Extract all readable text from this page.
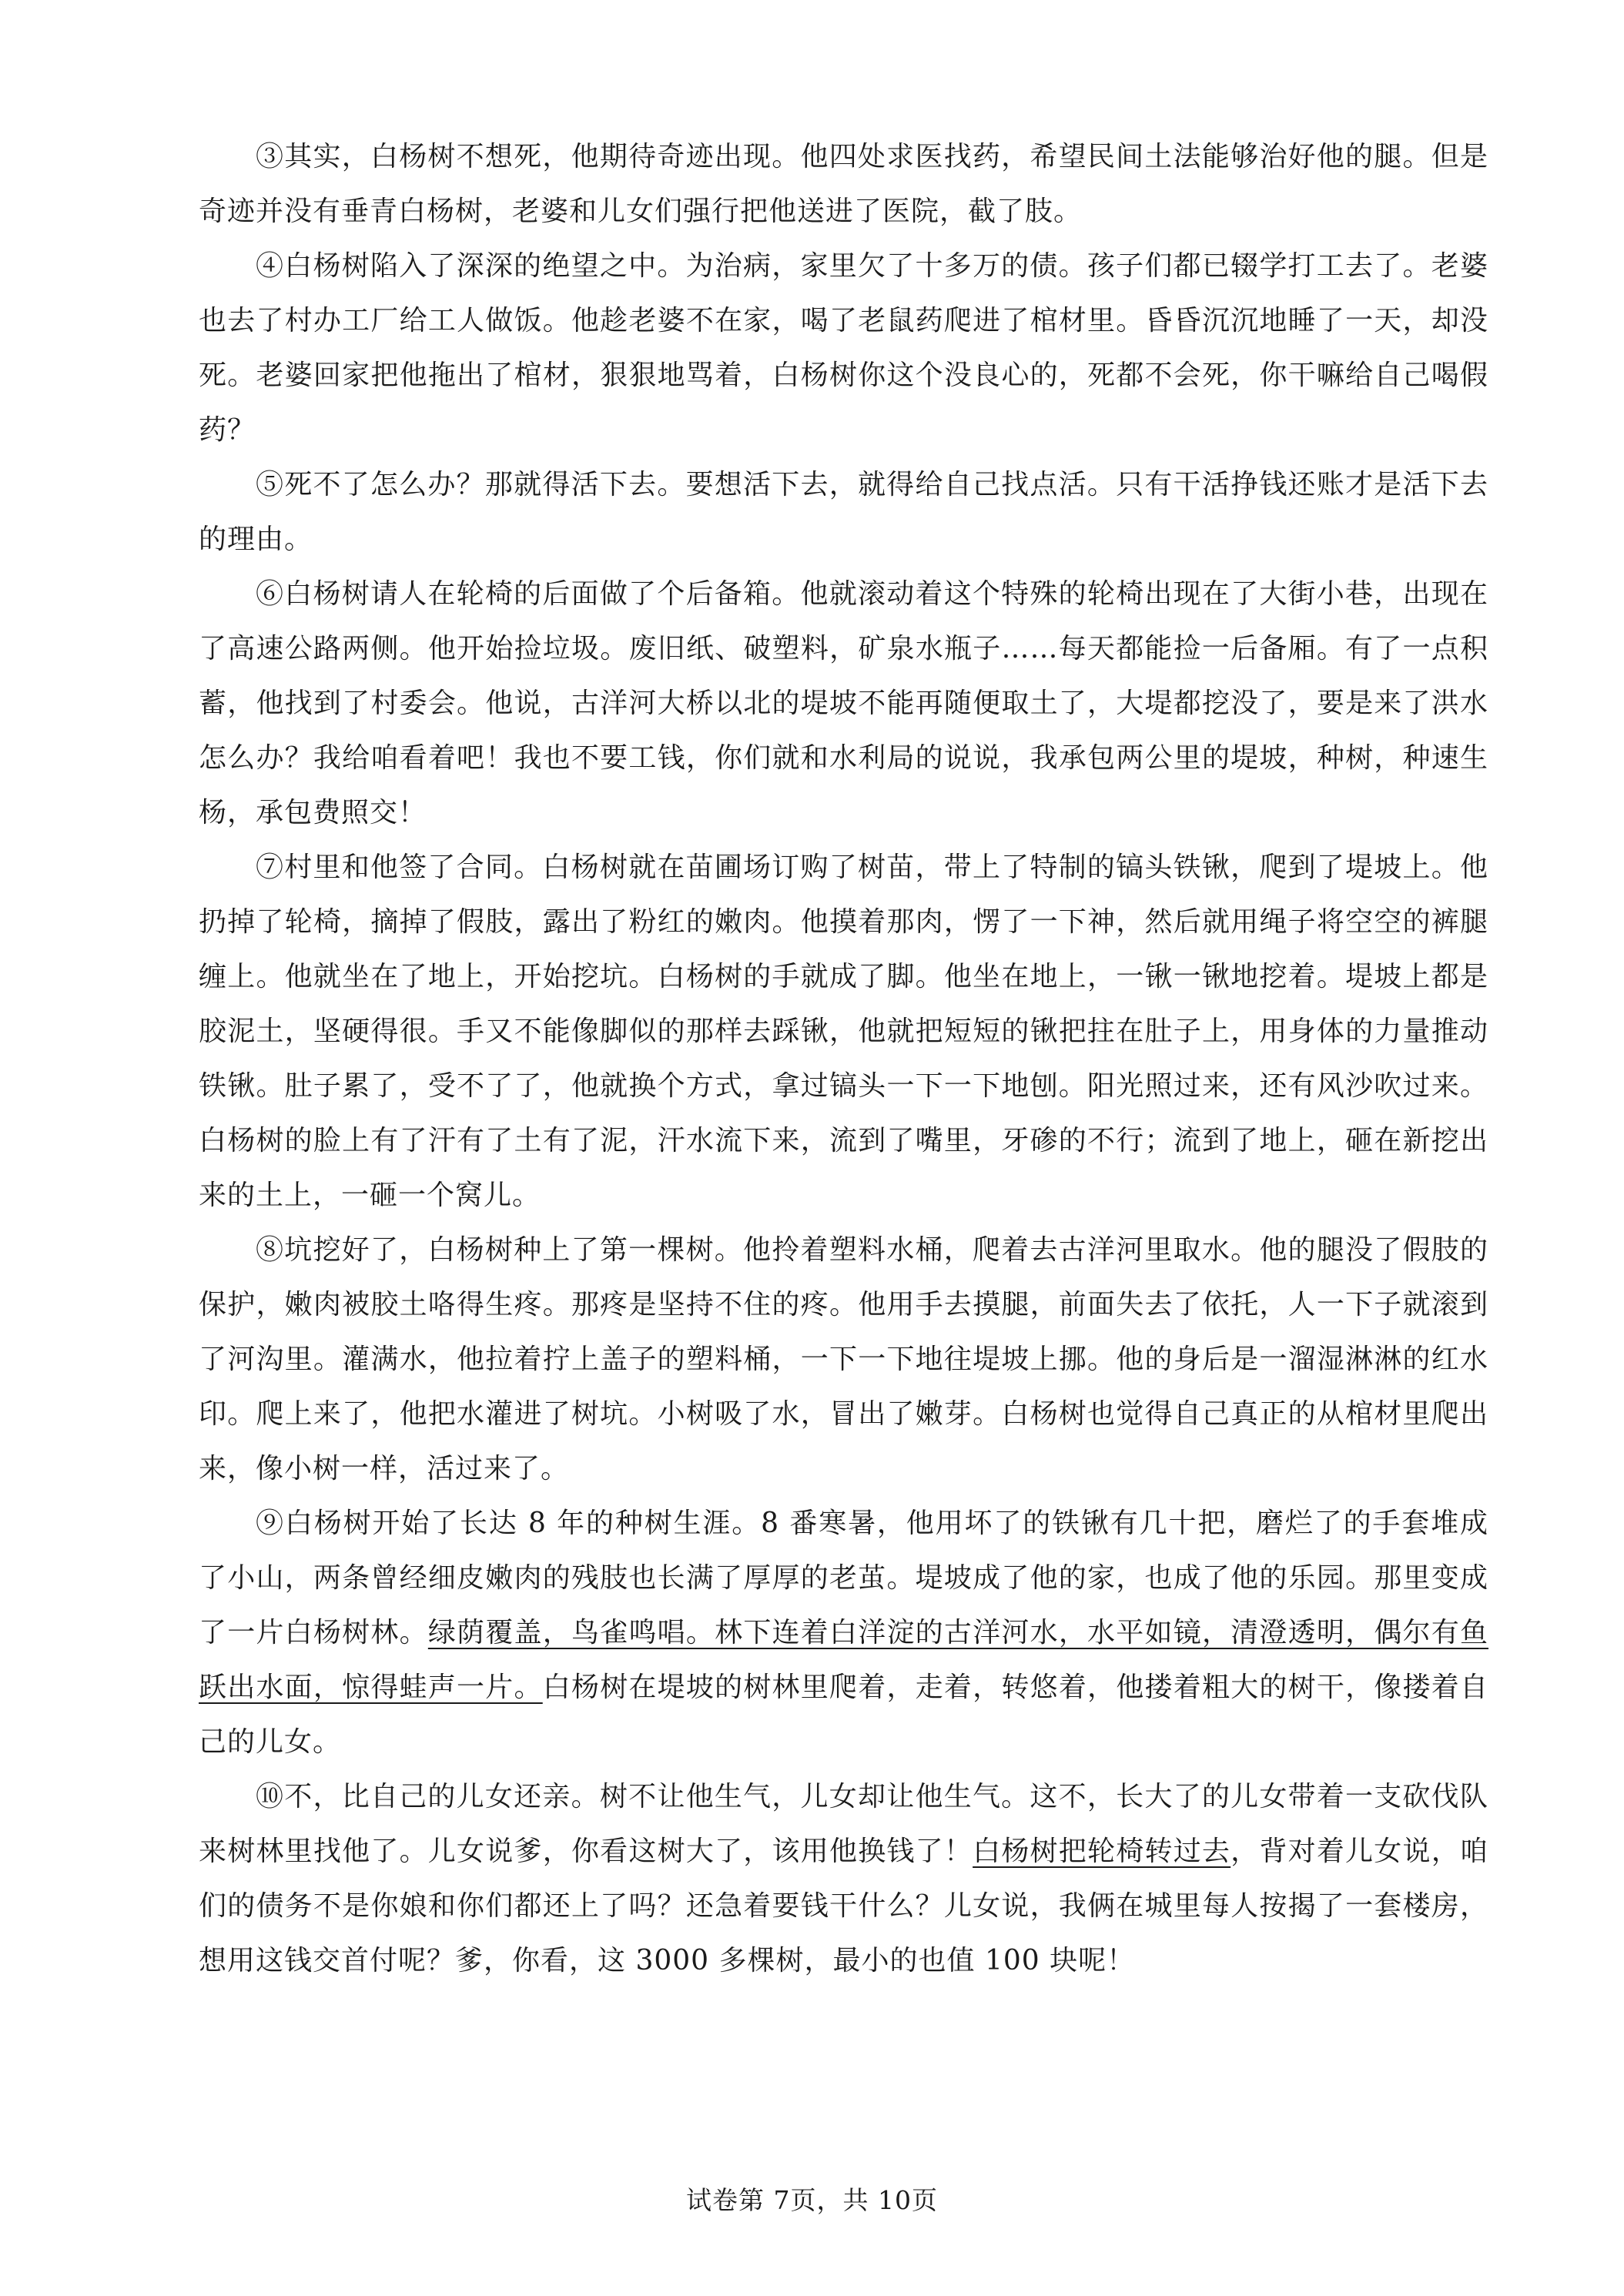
③其实，白杨树不想死，他期待奇迹出现。他四处求医找药，希望民间土法能够治好他的腿。但是奇迹并没有垂青白杨树，老婆和儿女们强行把他送进了医院，截了肢。

④白杨树陷入了深深的绝望之中。为治病，家里欠了十多万的债。孩子们都已辍学打工去了。老婆也去了村办工厂给工人做饭。他趁老婆不在家，喝了老鼠药爬进了棺材里。昏昏沉沉地睡了一天，却没死。老婆回家把他拖出了棺材，狠狠地骂着，白杨树你这个没良心的，死都不会死，你干嘛给自己喝假药？

⑤死不了怎么办？那就得活下去。要想活下去，就得给自己找点活。只有干活挣钱还账才是活下去的理由。

⑥白杨树请人在轮椅的后面做了个后备箱。他就滚动着这个特殊的轮椅出现在了大街小巷，出现在了高速公路两侧。他开始捡垃圾。废旧纸、破塑料，矿泉水瓶子……每天都能捡一后备厢。有了一点积蓄，他找到了村委会。他说，古洋河大桥以北的堤坡不能再随便取土了，大堤都挖没了，要是来了洪水怎么办？我给咱看着吧！我也不要工钱，你们就和水利局的说说，我承包两公里的堤坡，种树，种速生杨，承包费照交！

⑦村里和他签了合同。白杨树就在苗圃场订购了树苗，带上了特制的镐头铁锹，爬到了堤坡上。他扔掉了轮椅，摘掉了假肢，露出了粉红的嫩肉。他摸着那肉，愣了一下神，然后就用绳子将空空的裤腿缠上。他就坐在了地上，开始挖坑。白杨树的手就成了脚。他坐在地上，一锹一锹地挖着。堤坡上都是胶泥土，坚硬得很。手又不能像脚似的那样去踩锹，他就把短短的锹把拄在肚子上，用身体的力量推动铁锹。肚子累了，受不了了，他就换个方式，拿过镐头一下一下地刨。阳光照过来，还有风沙吹过来。白杨树的脸上有了汗有了土有了泥，汗水流下来，流到了嘴里，牙碜的不行；流到了地上，砸在新挖出来的土上，一砸一个窝儿。

⑧坑挖好了，白杨树种上了第一棵树。他拎着塑料水桶，爬着去古洋河里取水。他的腿没了假肢的保护，嫩肉被胶土咯得生疼。那疼是坚持不住的疼。他用手去摸腿，前面失去了依托，人一下子就滚到了河沟里。灌满水，他拉着拧上盖子的塑料桶，一下一下地往堤坡上挪。他的身后是一溜湿淋淋的红水印。爬上来了，他把水灌进了树坑。小树吸了水，冒出了嫩芽。白杨树也觉得自己真正的从棺材里爬出来，像小树一样，活过来了。

⑨白杨树开始了长达 8 年的种树生涯。8 番寒暑，他用坏了的铁锹有几十把，磨烂了的手套堆成了小山，两条曾经细皮嫩肉的残肢也长满了厚厚的老茧。堤坡成了他的家，也成了他的乐园。那里变成了一片白杨树林。绿荫覆盖，鸟雀鸣唱。林下连着白洋淀的古洋河水，水平如镜，清澄透明，偶尔有鱼跃出水面，惊得蛙声一片。白杨树在堤坡的树林里爬着，走着，转悠着，他搂着粗大的树干，像搂着自己的儿女。

⑩不，比自己的儿女还亲。树不让他生气，儿女却让他生气。这不，长大了的儿女带着一支砍伐队来树林里找他了。儿女说爹，你看这树大了，该用他换钱了！白杨树把轮椅转过去，背对着儿女说，咱们的债务不是你娘和你们都还上了吗？还急着要钱干什么？儿女说，我俩在城里每人按揭了一套楼房，想用这钱交首付呢？爹，你看，这 3000 多棵树，最小的也值 100 块呢！

试卷第 7页，共 10页
